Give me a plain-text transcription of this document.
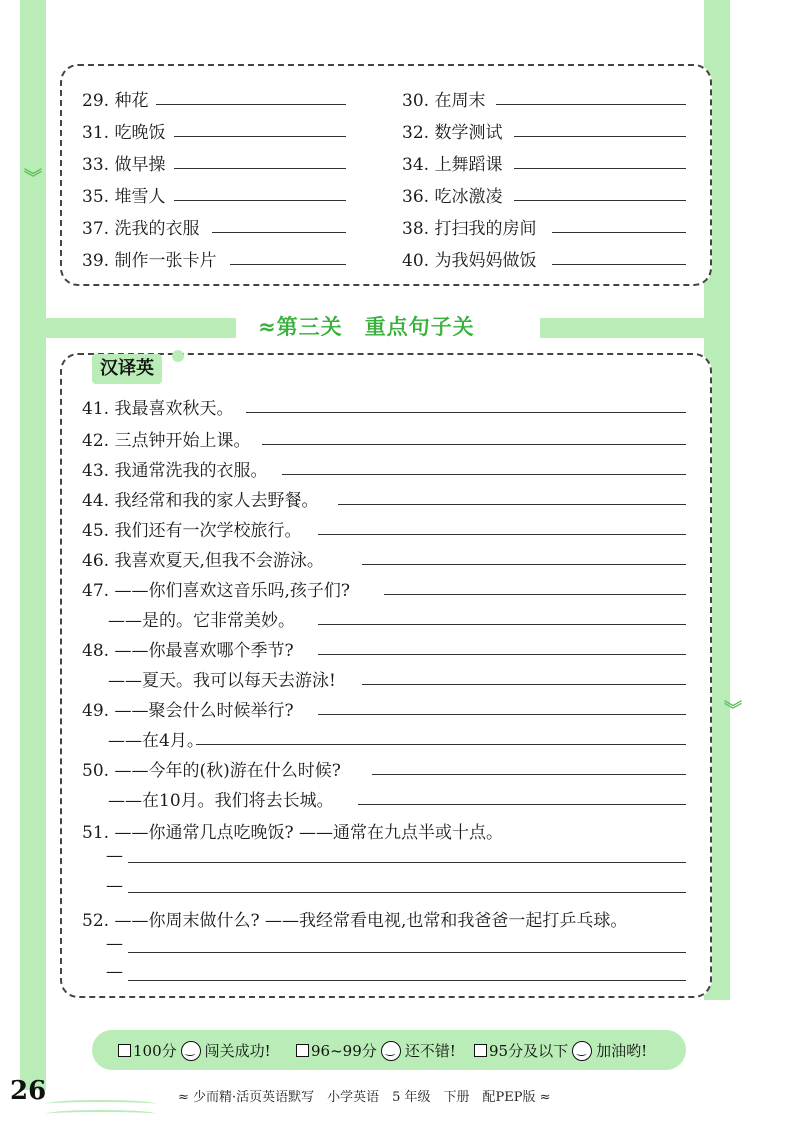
︾
︾
29. 种花	30. 在周末
31. 吃晚饭	32. 数学测试
33. 做早操	34. 上舞蹈课
35. 堆雪人	36. 吃冰激凌
37. 洗我的衣服	38. 打扫我的房间
39. 制作一张卡片	40. 为我妈妈做饭
≈第三关　重点句子关
汉译英
41. 我最喜欢秋天。
42. 三点钟开始上课。
43. 我通常洗我的衣服。
44. 我经常和我的家人去野餐。
45. 我们还有一次学校旅行。
46. 我喜欢夏天,但我不会游泳。
47. ——你们喜欢这音乐吗,孩子们?
——是的。它非常美妙。
48. ——你最喜欢哪个季节?
——夏天。我可以每天去游泳!
49. ——聚会什么时候举行?
——在4月。
50. ——今年的(秋)游在什么时候?
——在10月。我们将去长城。
51. ——你通常几点吃晚饭? ——通常在九点半或十点。
—
—
52. ——你周末做什么? ——我经常看电视,也常和我爸爸一起打乒乓球。
—
—
100分 ‿ 闯关成功!	96~99分 ‿ 还不错!	95分及以下 ‿ 加油哟!
26	≈ 少而精·活页英语默写　小学英语　5 年级　下册　配PEP版 ≈
